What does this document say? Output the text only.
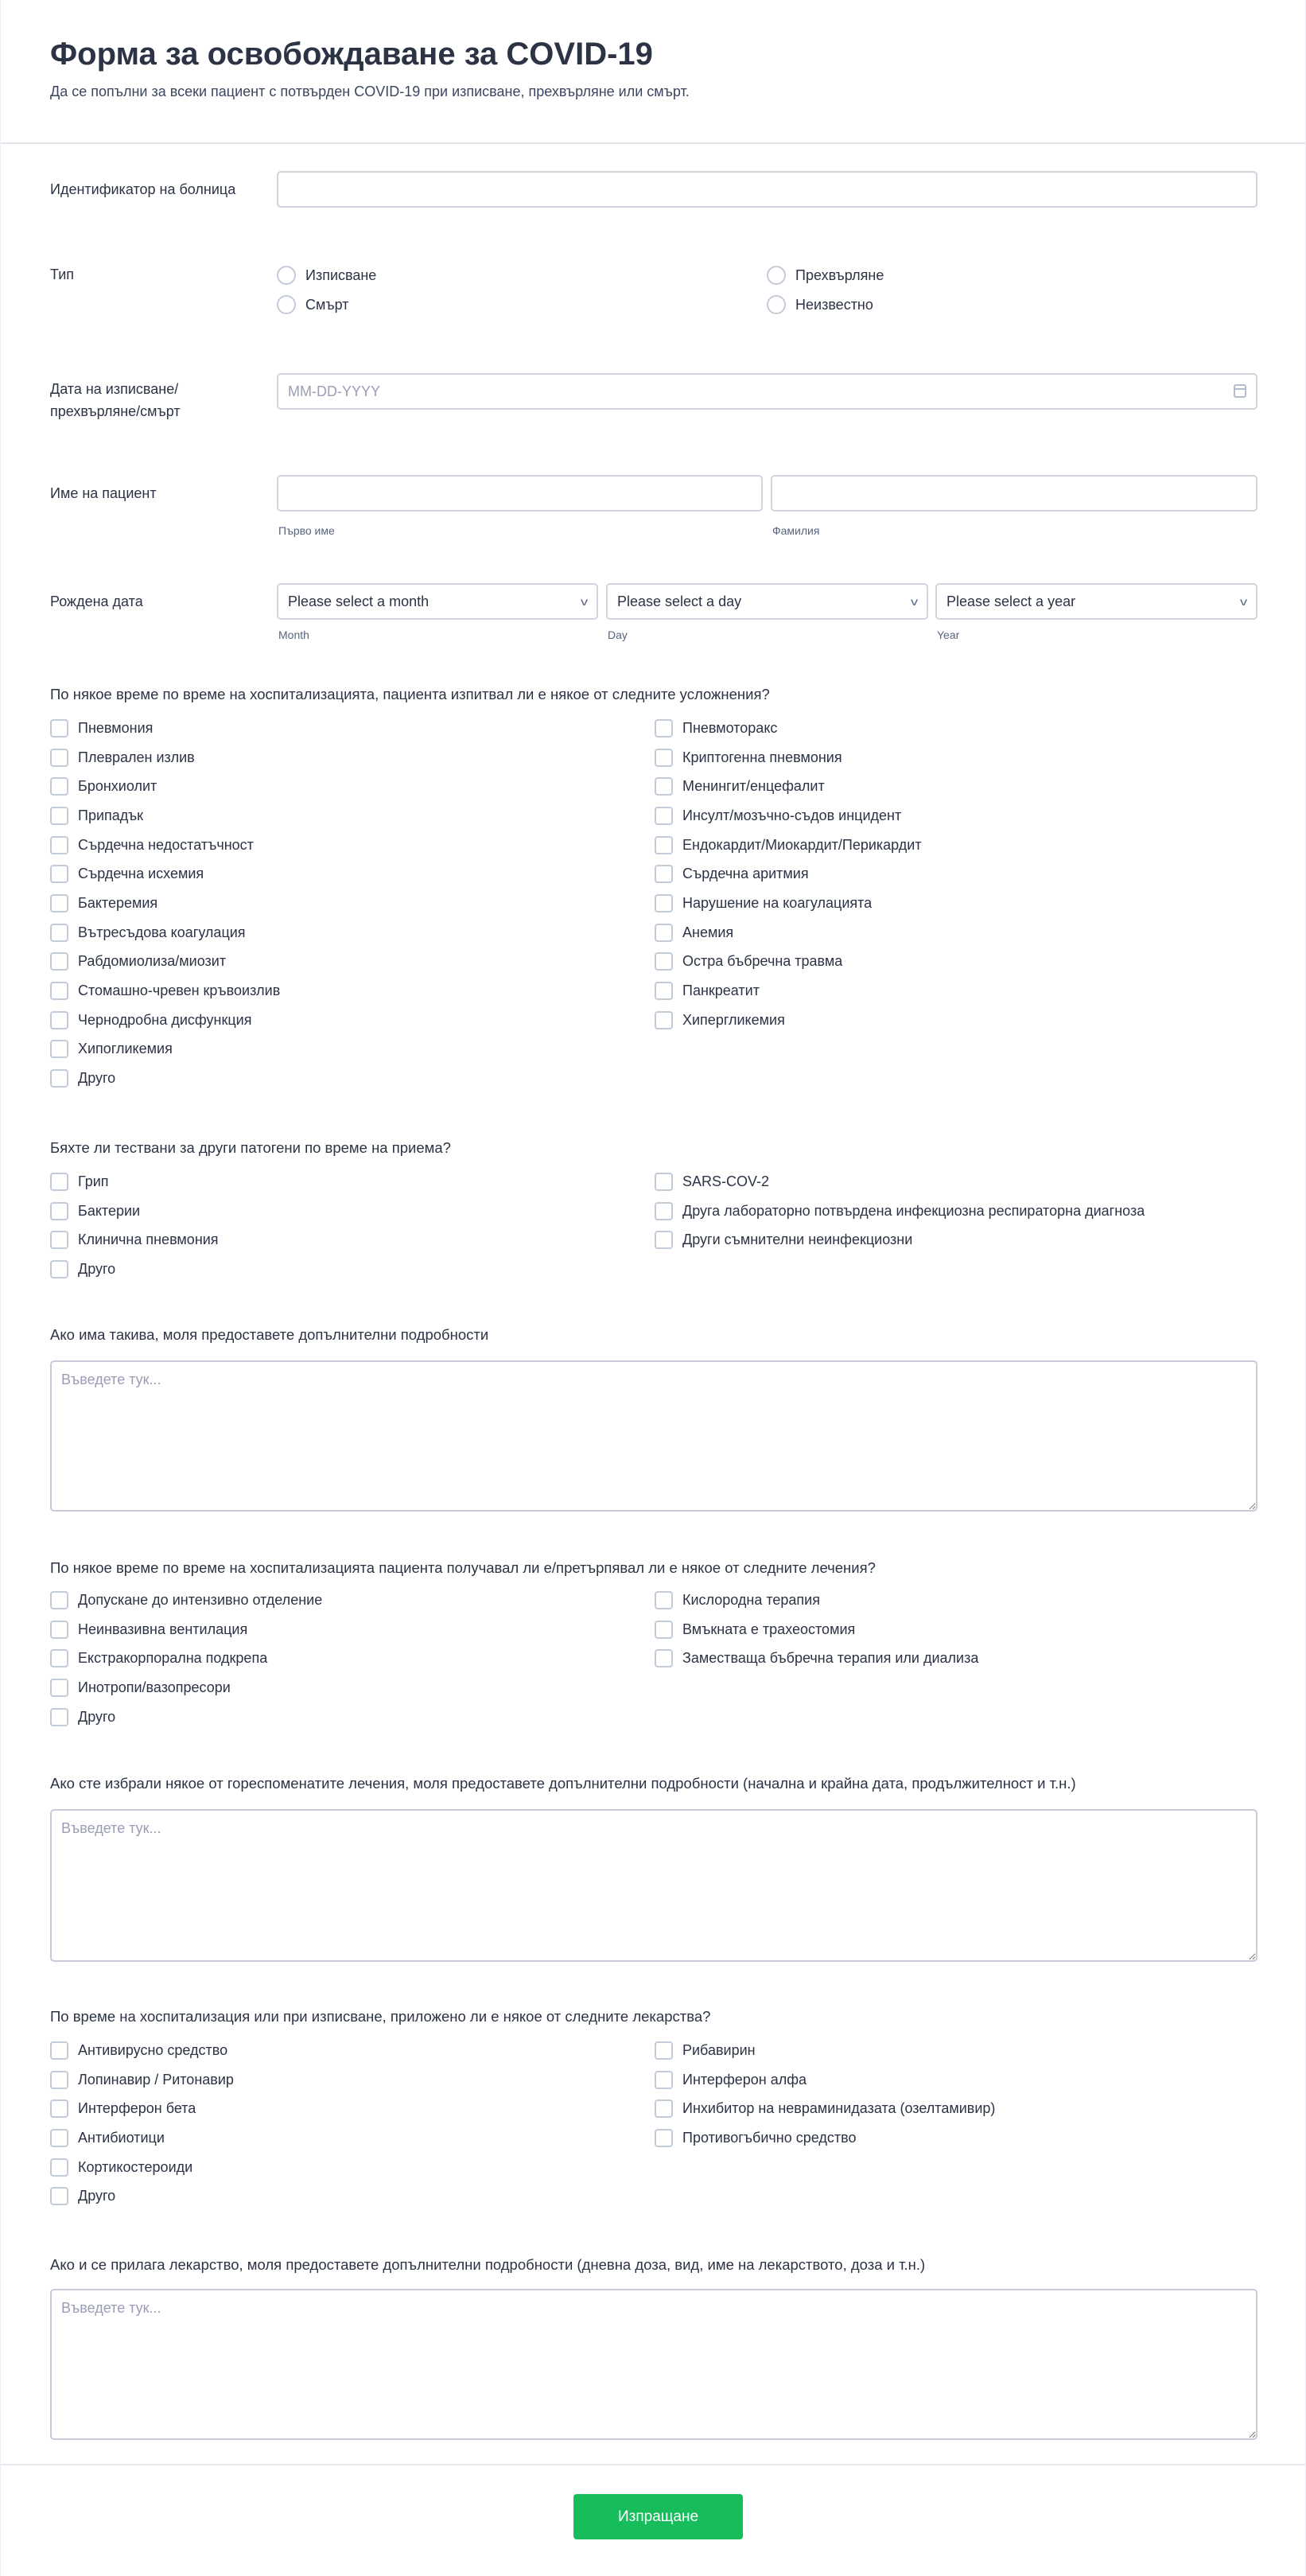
Форма за освобождаване за COVID-19

Да се попълни за всеки пациент с потвърден COVID-19 при изписване, прехвърляне или смърт.

Идентификатор на болница
Тип	Изписване	Прехвърляне
Смърт	Неизвестно
Дата на изписване/ прехвърляне/смърт
MM-DD-YYYY
Име на пациент
Първо име	Фамилия
Рождена дата	Please select a month	v Please select a day	v Please select a year	v
Month	Day	Year
По някое време по време на хоспитализацията, пациента изпитвал ли е някое от следните усложнения?
Пневмония
Плеврален излив
Бронхиолит
Припадък
Сърдечна недостатъчност
Сърдечна исхемия
Бактеремия
Вътресъдова коагулация
Рабдомиолиза/миозит
Стомашно-чревен кръвоизлив
Чернодробна дисфункция
Хипогликемия
Друго
Пневмоторакс
Криптогенна пневмония
Менингит/енцефалит
Инсулт/мозъчно-съдов инцидент
Ендокардит/Миокардит/Перикардит
Сърдечна аритмия
Нарушение на коагулацията
Анемия
Остра бъбречна травма
Панкреатит
Хипергликемия
Бяхте ли тествани за други патогени по време на приема?
Грип
Бактерии
Клинична пневмония
Друго
SARS-COV-2
Друга лабораторно потвърдена инфекциозна респираторна диагноза
Други съмнителни неинфекциозни
Ако има такива, моля предоставете допълнителни подробности
Въведете тук...
По някое време по време на хоспитализацията пациента получавал ли е/претърпявал ли е някое от следните лечения?
Допускане до интензивно отделение
Неинвазивна вентилация
Екстракорпорална подкрепа
Инотропи/вазопресори
Друго
Кислородна терапия
Вмъкната е трахеостомия
Заместваща бъбречна терапия или диализа
Ако сте избрали някое от гореспоменатите лечения, моля предоставете допълнителни подробности (начална и крайна дата, продължителност и т.н.)
Въведете тук...
По време на хоспитализация или при изписване, приложено ли е някое от следните лекарства?
Антивирусно средство
Лопинавир / Ритонавир
Интерферон бета
Антибиотици
Кортикостероиди
Друго
Рибавирин
Интерферон алфа
Инхибитор на невраминидазата (озелтамивир)
Противогъбично средство
Ако и се прилага лекарство, моля предоставете допълнителни подробности (дневна доза, вид, име на лекарството, доза и т.н.)
Въведете тук...
Изпращане
